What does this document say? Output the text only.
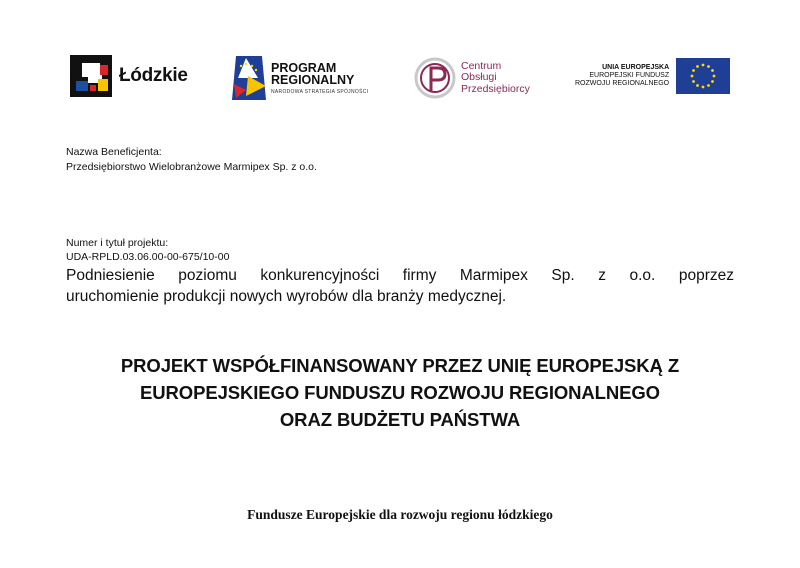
Łódzkie	PROGRAM
REGIONALNY
NARODOWA STRATEGIA SPÓJNOŚCI
Centrum
Obsługi
Przedsiębiorcy
UNIA EUROPEJSKA
EUROPEJSKI FUNDUSZ
ROZWOJU REGIONALNEGO
Nazwa Beneficjenta:
Przedsiębiorstwo Wielobranżowe Marmipex Sp. z o.o.
Numer i tytuł projektu:
UDA-RPLD.03.06.00-00-675/10-00
Podniesienie poziomu konkurencyjności firmy Marmipex Sp. z o.o. poprzez
uruchomienie produkcji nowych wyrobów dla branży medycznej.
PROJEKT WSPÓŁFINANSOWANY PRZEZ UNIĘ EUROPEJSKĄ Z
EUROPEJSKIEGO FUNDUSZU ROZWOJU REGIONALNEGO
ORAZ BUDŻETU PAŃSTWA
Fundusze Europejskie dla rozwoju regionu łódzkiego
